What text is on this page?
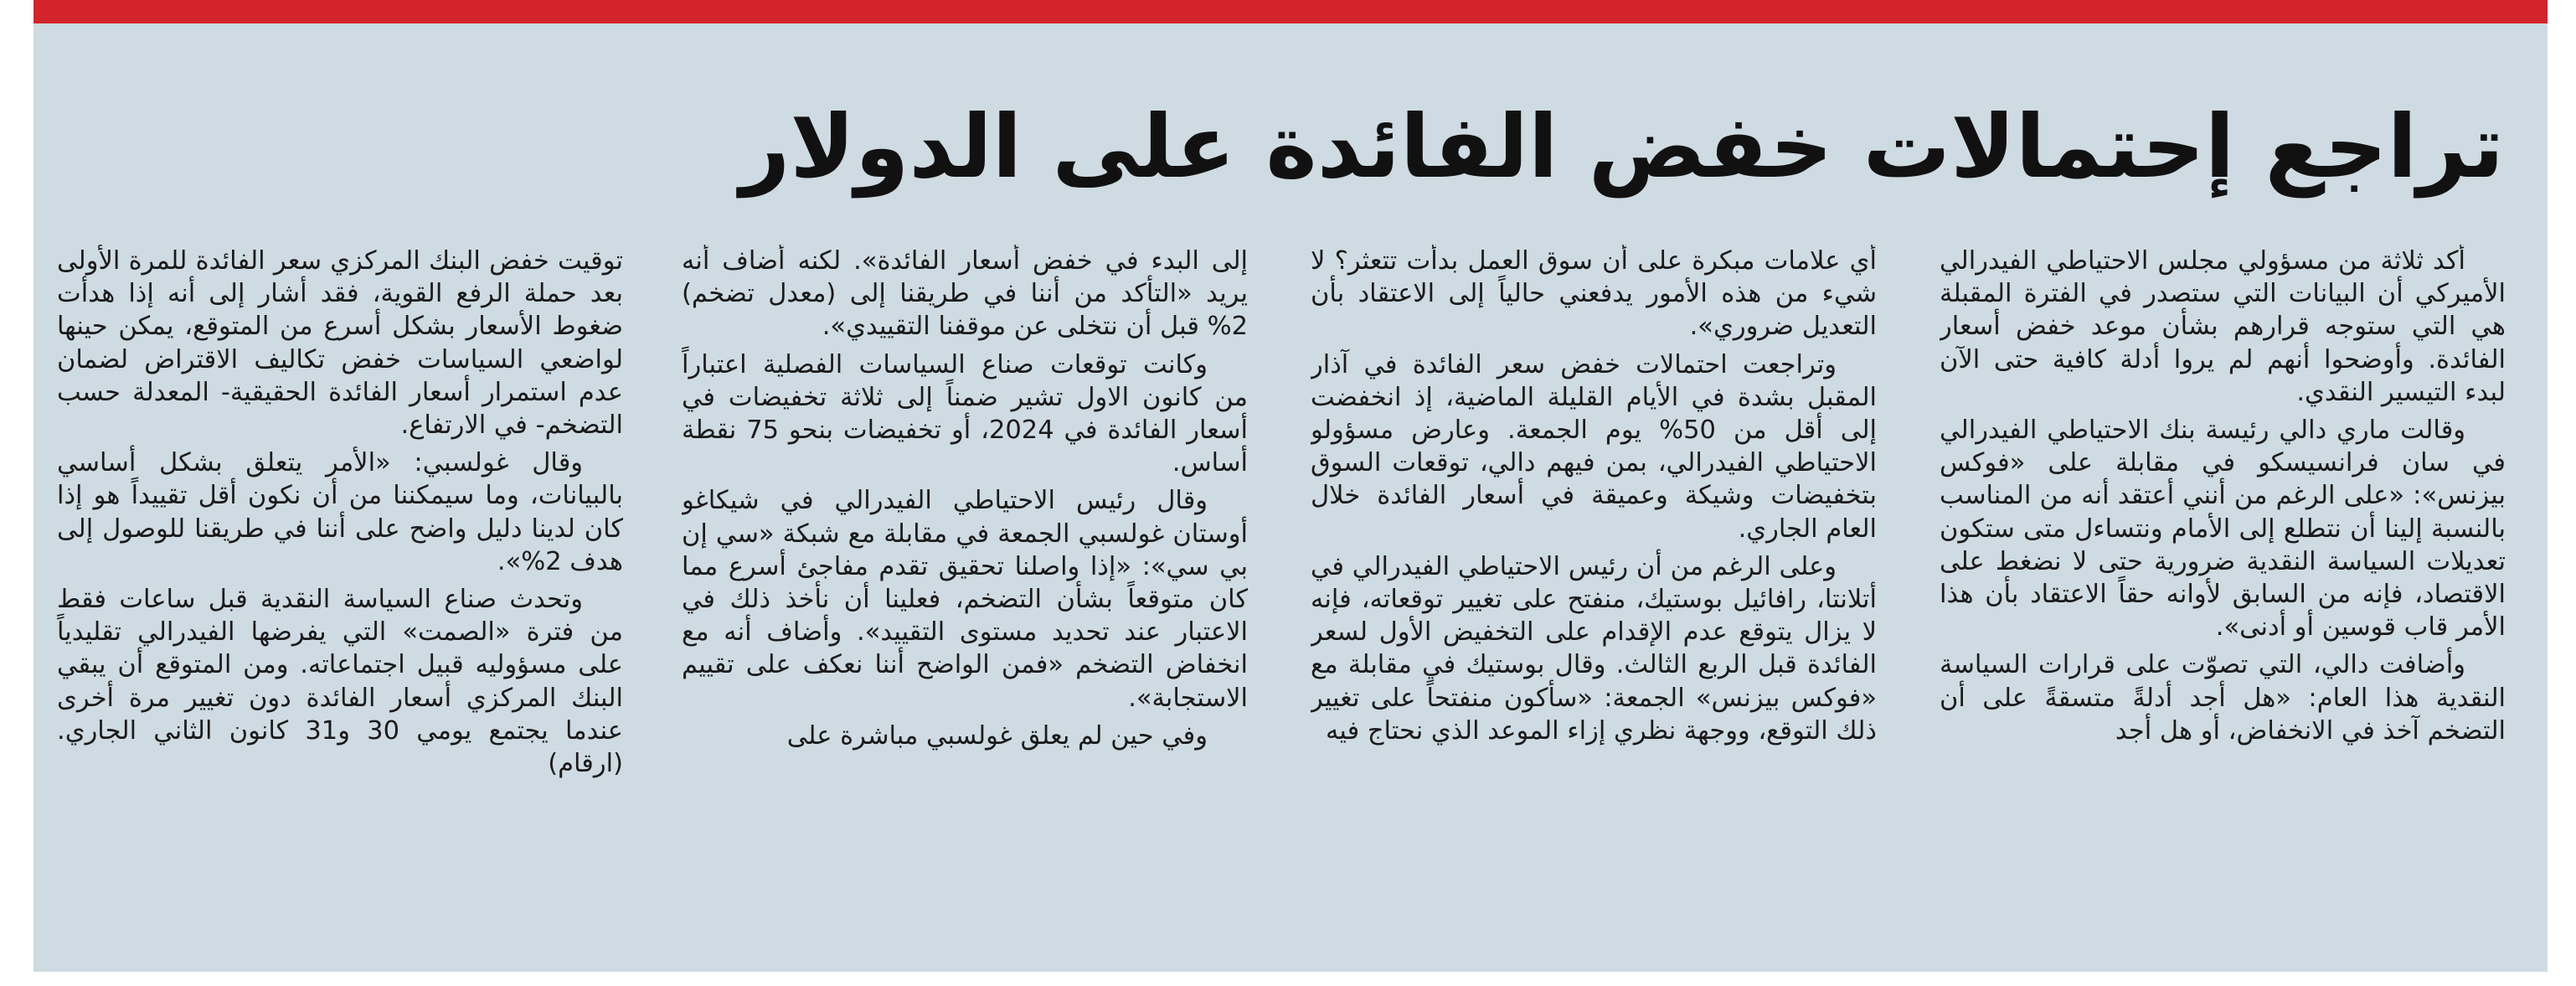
تراجع إحتمالات خفض الفائدة على الدولار

أكد ثلاثة من مسؤولي مجلس الاحتياطي الفيدرالي الأميركي أن البيانات التي ستصدر في الفترة المقبلة هي التي ستوجه قرارهم بشأن موعد خفض أسعار الفائدة. وأوضحوا أنهم لم يروا أدلة كافية حتى الآن لبدء التيسير النقدي.

وقالت ماري دالي رئيسة بنك الاحتياطي الفيدرالي في سان فرانسيسكو في مقابلة على «فوكس بيزنس»: «على الرغم من أنني أعتقد أنه من المناسب بالنسبة إلينا أن نتطلع إلى الأمام ونتساءل متى ستكون تعديلات السياسة النقدية ضرورية حتى لا نضغط على الاقتصاد، فإنه من السابق لأوانه حقاً الاعتقاد بأن هذا الأمر قاب قوسين أو أدنى».

وأضافت دالي، التي تصوّت على قرارات السياسة النقدية هذا العام: «هل أجد أدلةً متسقةً على أن التضخم آخذ في الانخفاض، أو هل أجد

أي علامات مبكرة على أن سوق العمل بدأت تتعثر؟ لا شيء من هذه الأمور يدفعني حالياً إلى الاعتقاد بأن التعديل ضروري».

وتراجعت احتمالات خفض سعر الفائدة في آذار المقبل بشدة في الأيام القليلة الماضية، إذ انخفضت إلى أقل من 50% يوم الجمعة. وعارض مسؤولو الاحتياطي الفيدرالي، بمن فيهم دالي، توقعات السوق بتخفيضات وشيكة وعميقة في أسعار الفائدة خلال العام الجاري.

وعلى الرغم من أن رئيس الاحتياطي الفيدرالي في أتلانتا، رافائيل بوستيك، منفتح على تغيير توقعاته، فإنه لا يزال يتوقع عدم الإقدام على التخفيض الأول لسعر الفائدة قبل الربع الثالث. وقال بوستيك في مقابلة مع «فوكس بيزنس» الجمعة: «سأكون منفتحاً على تغيير ذلك التوقع، ووجهة نظري إزاء الموعد الذي نحتاج فيه

إلى البدء في خفض أسعار الفائدة». لكنه أضاف أنه يريد «التأكد من أننا في طريقنا إلى (معدل تضخم) 2% قبل أن نتخلى عن موقفنا التقييدي».

وكانت توقعات صناع السياسات الفصلية اعتباراً من كانون الاول تشير ضمناً إلى ثلاثة تخفيضات في أسعار الفائدة في 2024، أو تخفيضات بنحو 75 نقطة أساس.

وقال رئيس الاحتياطي الفيدرالي في شيكاغو أوستان غولسبي الجمعة في مقابلة مع شبكة «سي إن بي سي»: «إذا واصلنا تحقيق تقدم مفاجئ أسرع مما كان متوقعاً بشأن التضخم، فعلينا أن نأخذ ذلك في الاعتبار عند تحديد مستوى التقييد». وأضاف أنه مع انخفاض التضخم «فمن الواضح أننا نعكف على تقييم الاستجابة».

وفي حين لم يعلق غولسبي مباشرة على

توقيت خفض البنك المركزي سعر الفائدة للمرة الأولى بعد حملة الرفع القوية، فقد أشار إلى أنه إذا هدأت ضغوط الأسعار بشكل أسرع من المتوقع، يمكن حينها لواضعي السياسات خفض تكاليف الاقتراض لضمان عدم استمرار أسعار الفائدة الحقيقية- المعدلة حسب التضخم- في الارتفاع.

وقال غولسبي: «الأمر يتعلق بشكل أساسي بالبيانات، وما سيمكننا من أن نكون أقل تقييداً هو إذا كان لدينا دليل واضح على أننا في طريقنا للوصول إلى هدف 2%».

وتحدث صناع السياسة النقدية قبل ساعات فقط من فترة «الصمت» التي يفرضها الفيدرالي تقليدياً على مسؤوليه قبيل اجتماعاته. ومن المتوقع أن يبقي البنك المركزي أسعار الفائدة دون تغيير مرة أخرى عندما يجتمع يومي 30 و31 كانون الثاني الجاري. (ارقام)
